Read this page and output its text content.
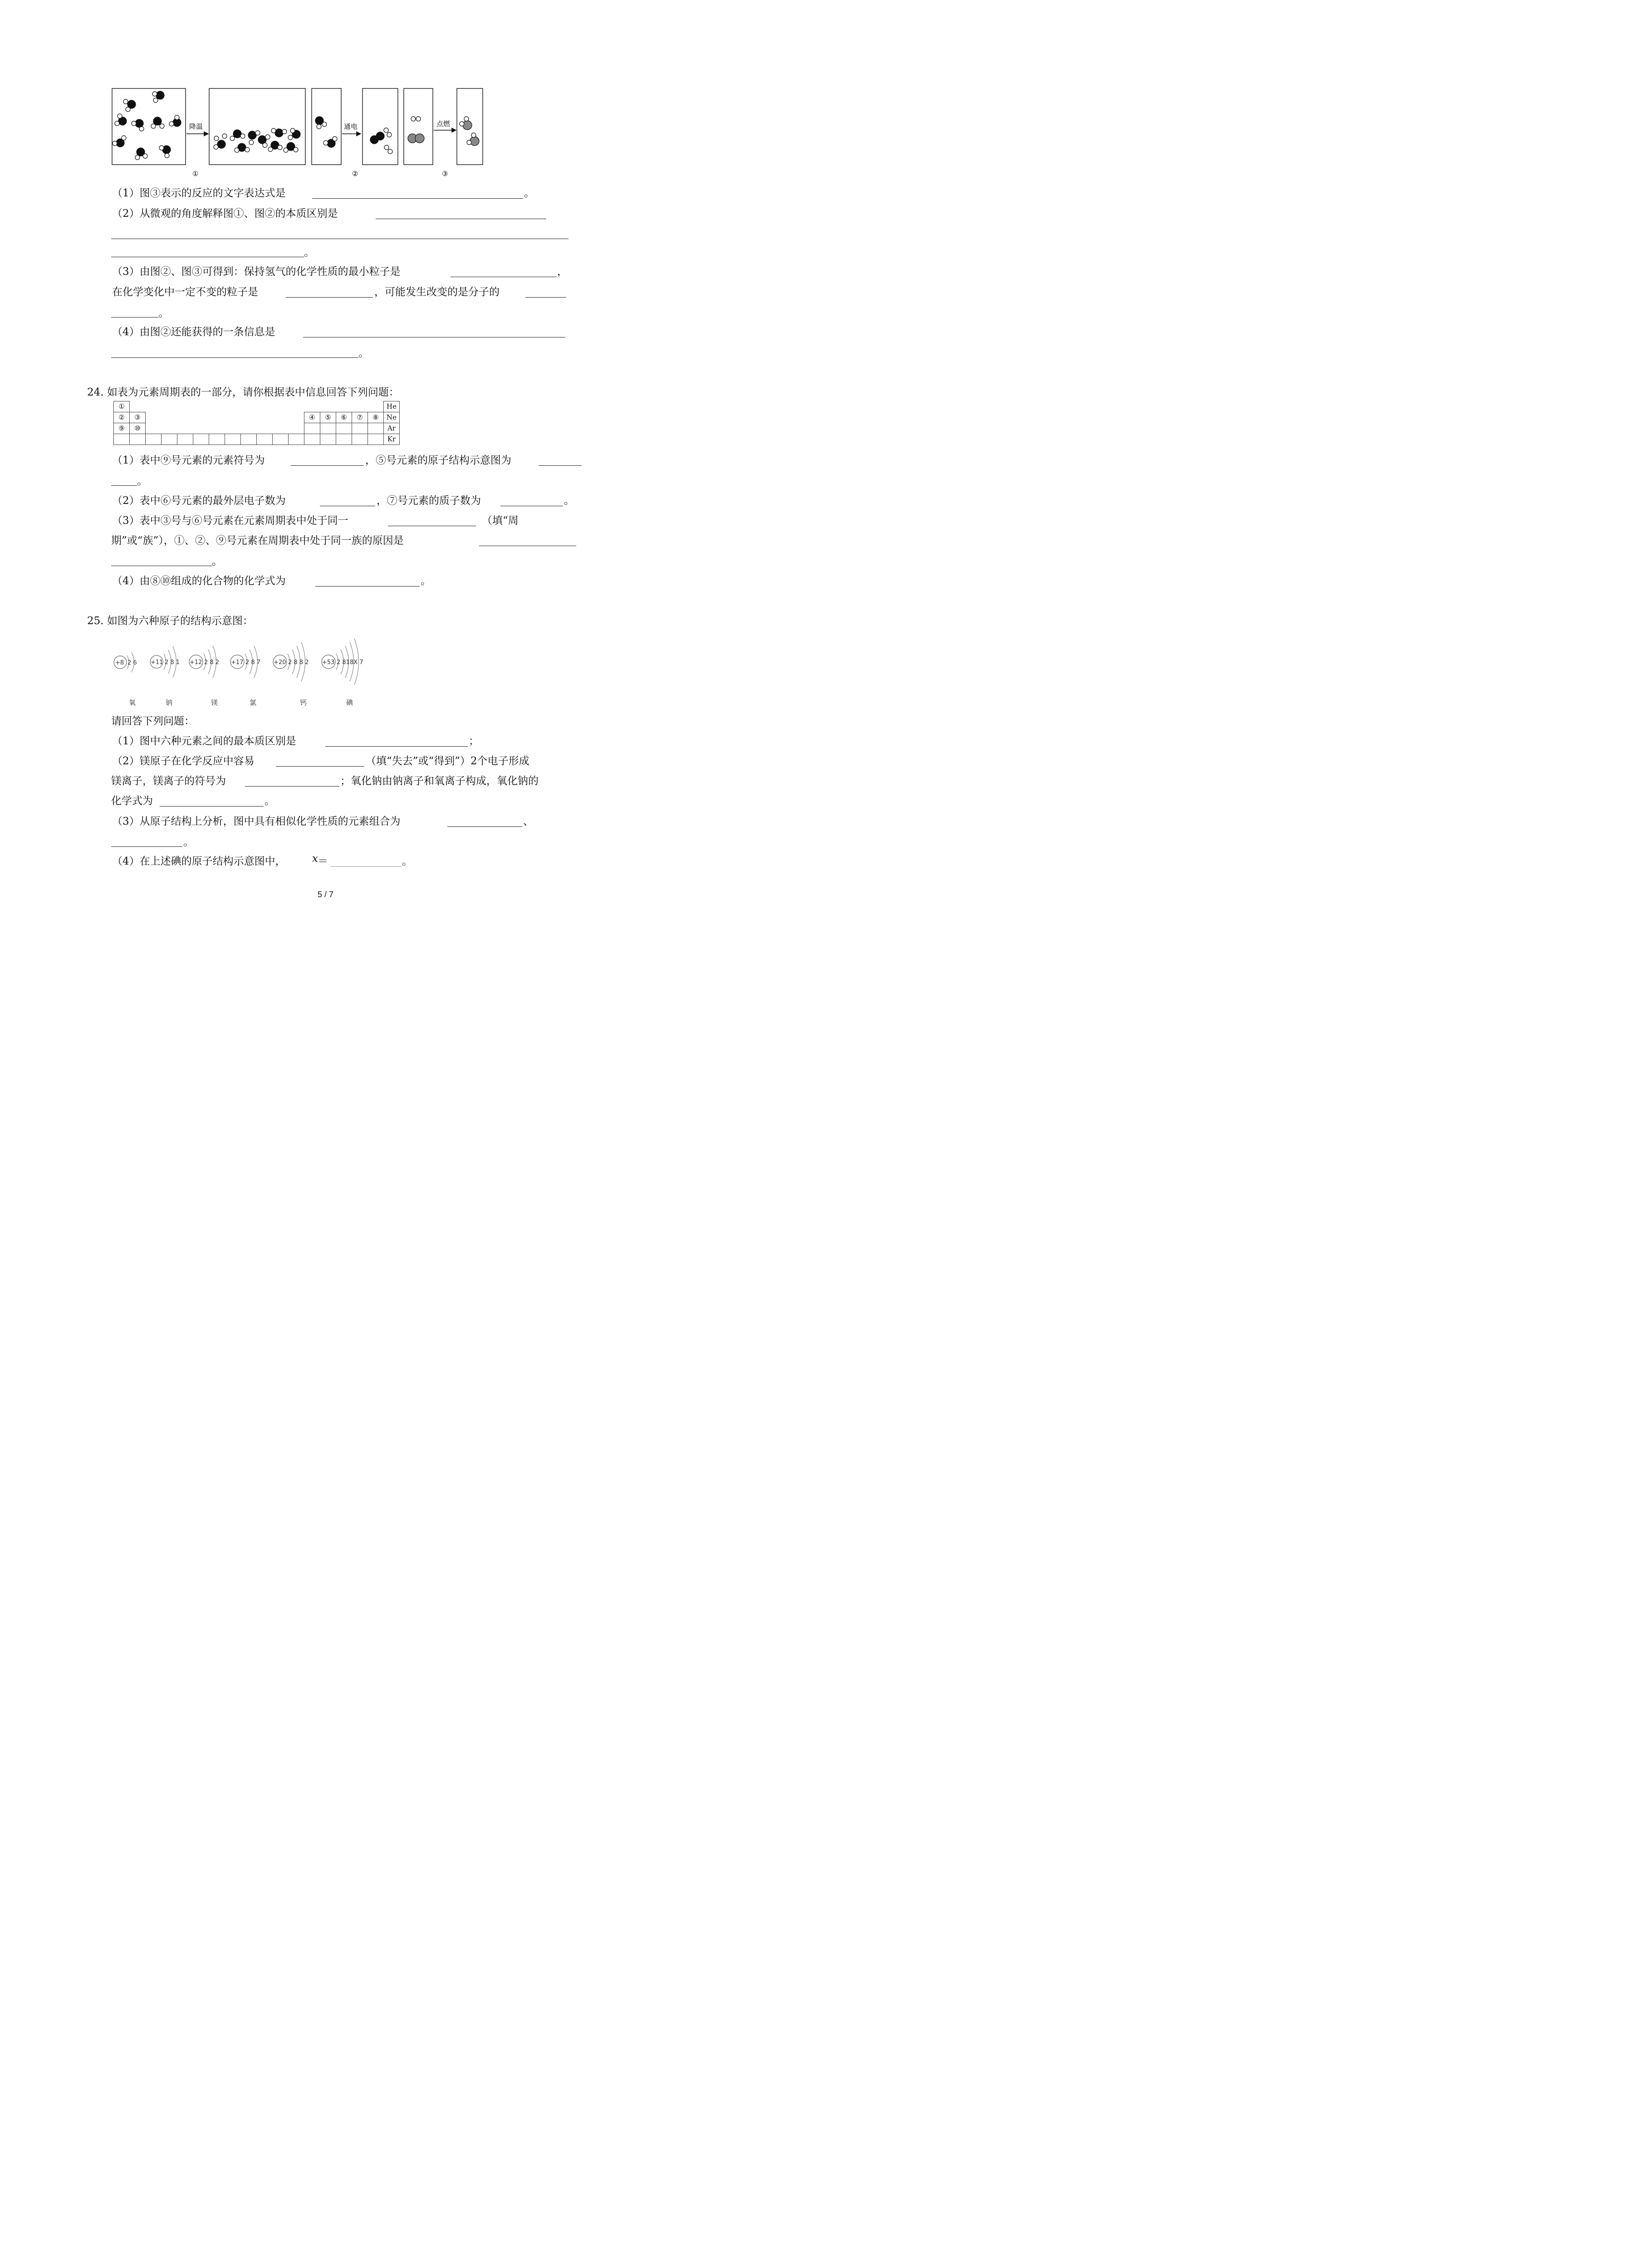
降温
①
通电
②
点燃
③
（1）图③表示的反应的文字表达式是	。
（2）从微观的角度解释图①、图②的本质区别是
。
（3）由图②、图③可得到：保持氢气的化学性质的最小粒子是	，
在化学变化中一定不变的粒子是	，可能发生改变的是分子的
。
（4）由图②还能获得的一条信息是
。
24. 如表为元素周期表的一部分，请你根据表中信息回答下列问题：
①																	He
②	③											④	⑤	⑥	⑦	⑧	Ne
⑨	⑩																Ar
																	Kr
（1）表中⑨号元素的元素符号为	，⑤号元素的原子结构示意图为
。
（2）表中⑥号元素的最外层电子数为	，⑦号元素的质子数为	。
（3）表中③号与⑥号元素在元素周期表中处于同一	（填“周
期”或“族”），①、②、⑨号元素在周期表中处于同一族的原因是
。
（4）由⑧⑩组成的化合物的化学式为	。
25. 如图为六种原子的结构示意图：
+8 2 6
氧
+11 2 8 1
钠
+12 2 8 2
镁
+17 2 8 7
氯
+20 2 8 8 2
钙
+53 2 818X 7
碘
请回答下列问题：
（1）图中六种元素之间的最本质区别是	；
（2）镁原子在化学反应中容易	（填“失去”或“得到”）2个电子形成
镁离子，镁离子的符号为	；氧化钠由钠离子和氧离子构成，氧化钠的
化学式为	。
（3）从原子结构上分析，图中具有相似化学性质的元素组合为	、
。
（4）在上述碘的原子结构示意图中，	x ＝	。
5 / 7
